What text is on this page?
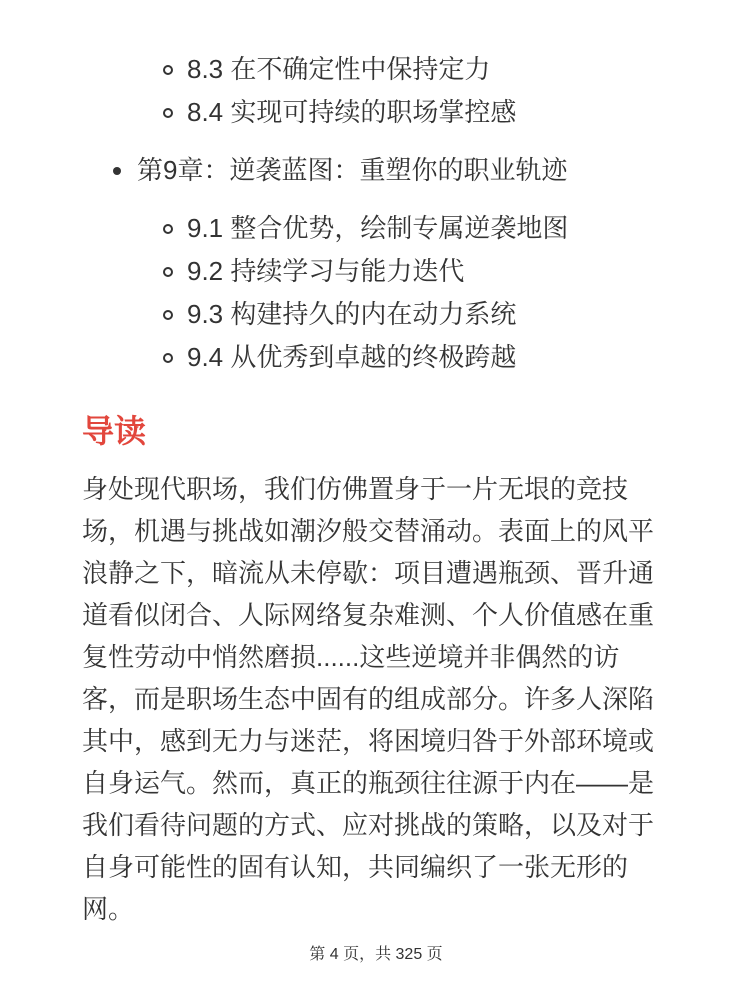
8.3 在不确定性中保持定力
8.4 实现可持续的职场掌控感
第9章：逆袭蓝图：重塑你的职业轨迹
9.1 整合优势，绘制专属逆袭地图
9.2 持续学习与能力迭代
9.3 构建持久的内在动力系统
9.4 从优秀到卓越的终极跨越
导读

身处现代职场，我们仿佛置身于一片无垠的竞技场，机遇与挑战如潮汐般交替涌动。表面上的风平浪静之下，暗流从未停歇：项目遭遇瓶颈、晋升通道看似闭合、人际网络复杂难测、个人价值感在重复性劳动中悄然磨损......这些逆境并非偶然的访客，而是职场生态中固有的组成部分。许多人深陷其中，感到无力与迷茫，将困境归咎于外部环境或自身运气。然而，真正的瓶颈往往源于内在——是我们看待问题的方式、应对挑战的策略，以及对于自身可能性的固有认知，共同编织了一张无形的网。

第 4 页，共 325 页
